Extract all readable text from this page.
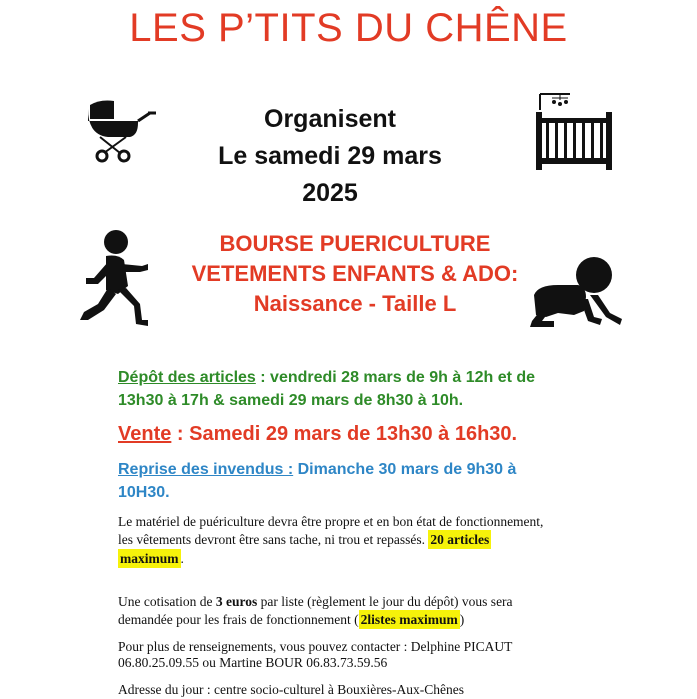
LES P’TITS DU CHÊNE
Organisent
Le samedi 29 mars
2025
BOURSE PUERICULTURE
VETEMENTS ENFANTS & ADO:
Naissance - Taille L
Dépôt des articles : vendredi 28 mars de 9h à 12h et de
13h30 à 17h & samedi 29 mars de 8h30 à 10h.
Vente : Samedi 29 mars de 13h30 à 16h30.
Reprise des invendus : Dimanche 30 mars de 9h30 à
10H30.
Le matériel de puériculture devra être propre et en bon état de fonctionnement,
les vêtements devront être sans tache, ni trou et repassés. 20 articles
maximum .
Une cotisation de 3 euros par liste (règlement le jour du dépôt) vous sera
demandée pour les frais de fonctionnement ( 2listes maximum )
Pour plus de renseignements, vous pouvez contacter : Delphine PICAUT
06.80.25.09.55 ou Martine BOUR 06.83.73.59.56
Adresse du jour : centre socio-culturel à Bouxières-Aux-Chênes
